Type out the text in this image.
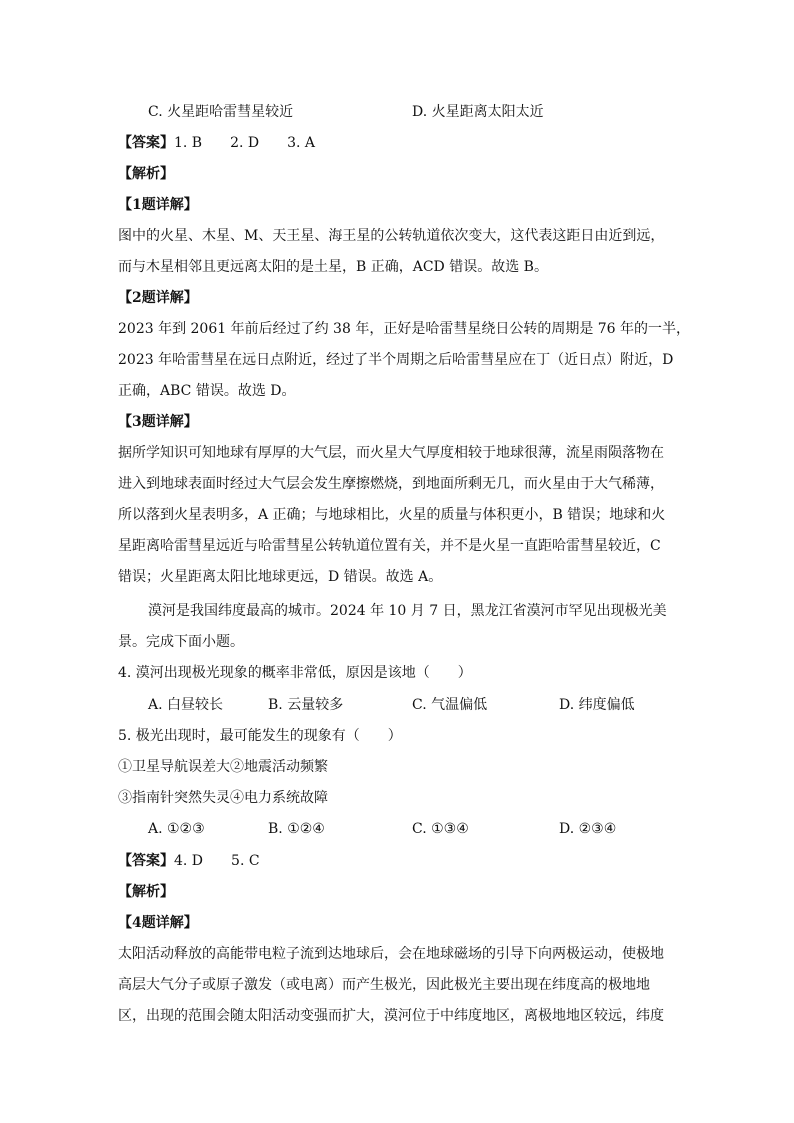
C. 火星距哈雷彗星较近	D. 火星距离太阳太近
【答案】1. B　　2. D　　3. A
【解析】
【1题详解】
图中的火星、木星、M、天王星、海王星的公转轨道依次变大，这代表这距日由近到远，
而与木星相邻且更远离太阳的是土星，B 正确，ACD 错误。故选 B。
【2题详解】
2023 年到 2061 年前后经过了约 38 年，正好是哈雷彗星绕日公转的周期是 76 年的一半，
2023 年哈雷彗星在远日点附近，经过了半个周期之后哈雷彗星应在丁（近日点）附近，D
正确，ABC 错误。故选 D。
【3题详解】
据所学知识可知地球有厚厚的大气层，而火星大气厚度相较于地球很薄，流星雨陨落物在
进入到地球表面时经过大气层会发生摩擦燃烧，到地面所剩无几，而火星由于大气稀薄，
所以落到火星表明多，A 正确；与地球相比，火星的质量与体积更小，B 错误；地球和火
星距离哈雷彗星远近与哈雷彗星公转轨道位置有关，并不是火星一直距哈雷彗星较近，C
错误；火星距离太阳比地球更远，D 错误。故选 A。
漠河是我国纬度最高的城市。2024 年 10 月 7 日，黑龙江省漠河市罕见出现极光美
景。完成下面小题。
4. 漠河出现极光现象的概率非常低，原因是该地（　　）
A. 白昼较长	B. 云量较多	C. 气温偏低	D. 纬度偏低
5. 极光出现时，最可能发生的现象有（　　）
①卫星导航误差大②地震活动频繁
③指南针突然失灵④电力系统故障
A. ①②③	B. ①②④	C. ①③④	D. ②③④
【答案】4. D　　5. C
【解析】
【4题详解】
太阳活动释放的高能带电粒子流到达地球后，会在地球磁场的引导下向两极运动，使极地
高层大气分子或原子激发（或电离）而产生极光，因此极光主要出现在纬度高的极地地
区，出现的范围会随太阳活动变强而扩大，漠河位于中纬度地区，离极地地区较远，纬度
